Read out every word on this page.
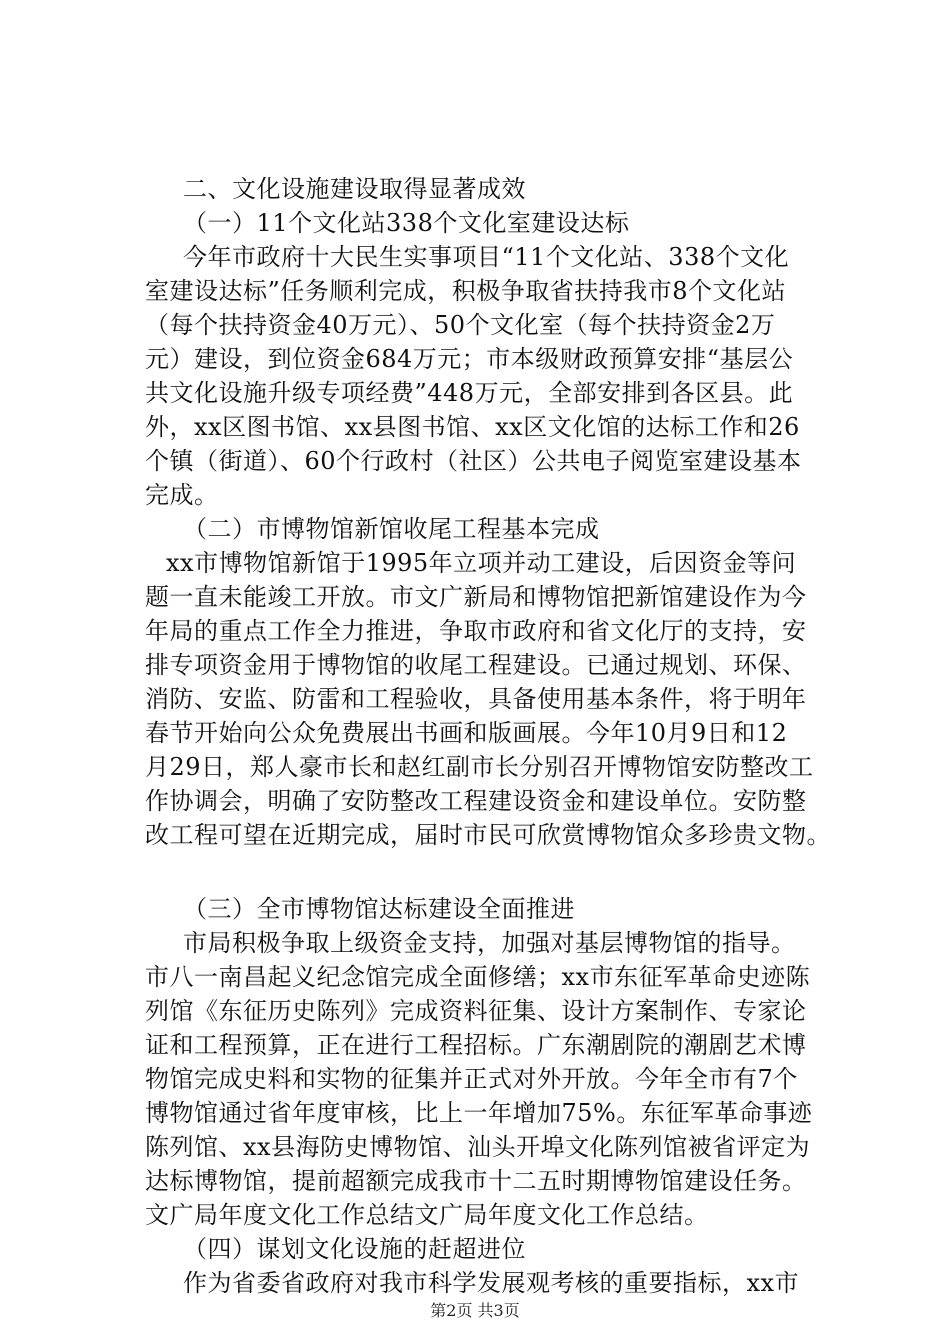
二、文化设施建设取得显著成效
（一）11个文化站338个文化室建设达标
今年市政府十大民生实事项目“11个文化站、338个文化
室建设达标”任务顺利完成，积极争取省扶持我市8个文化站
（每个扶持资金40万元）、50个文化室（每个扶持资金2万
元）建设，到位资金684万元；市本级财政预算安排“基层公
共文化设施升级专项经费”448万元，全部安排到各区县。此
外，xx区图书馆、xx县图书馆、xx区文化馆的达标工作和26
个镇（街道）、60个行政村（社区）公共电子阅览室建设基本
完成。
（二）市博物馆新馆收尾工程基本完成
xx市博物馆新馆于1995年立项并动工建设，后因资金等问
题一直未能竣工开放。市文广新局和博物馆把新馆建设作为今
年局的重点工作全力推进，争取市政府和省文化厅的支持，安
排专项资金用于博物馆的收尾工程建设。已通过规划、环保、
消防、安监、防雷和工程验收，具备使用基本条件，将于明年
春节开始向公众免费展出书画和版画展。今年10月9日和12
月29日，郑人豪市长和赵红副市长分别召开博物馆安防整改工
作协调会，明确了安防整改工程建设资金和建设单位。安防整
改工程可望在近期完成，届时市民可欣赏博物馆众多珍贵文物。
（三）全市博物馆达标建设全面推进
市局积极争取上级资金支持，加强对基层博物馆的指导。
市八一南昌起义纪念馆完成全面修缮；xx市东征军革命史迹陈
列馆《东征历史陈列》完成资料征集、设计方案制作、专家论
证和工程预算，正在进行工程招标。广东潮剧院的潮剧艺术博
物馆完成史料和实物的征集并正式对外开放。今年全市有7个
博物馆通过省年度审核，比上一年增加75%。东征军革命事迹
陈列馆、xx县海防史博物馆、汕头开埠文化陈列馆被省评定为
达标博物馆，提前超额完成我市十二五时期博物馆建设任务。
文广局年度文化工作总结文广局年度文化工作总结。
（四）谋划文化设施的赶超进位
作为省委省政府对我市科学发展观考核的重要指标，xx市
第2页 共3页
